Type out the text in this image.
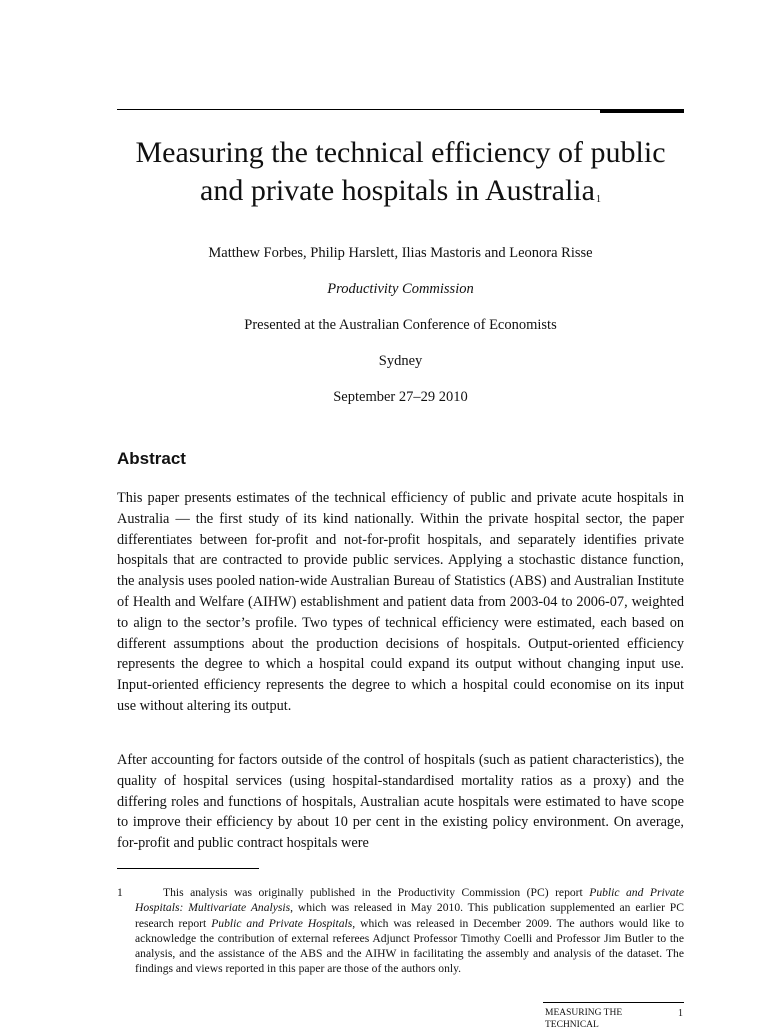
Measuring the technical efficiency of public and private hospitals in Australia$^1$

Matthew Forbes, Philip Harslett, Ilias Mastoris and Leonora Risse

Productivity Commission

Presented at the Australian Conference of Economists

Sydney

September 27–29 2010

Abstract

This paper presents estimates of the technical efficiency of public and private acute hospitals in Australia — the first study of its kind nationally. Within the private hospital sector, the paper differentiates between for-profit and not-for-profit hospitals, and separately identifies private hospitals that are contracted to provide public services. Applying a stochastic distance function, the analysis uses pooled nation-wide Australian Bureau of Statistics (ABS) and Australian Institute of Health and Welfare (AIHW) establishment and patient data from 2003-04 to 2006-07, weighted to align to the sector’s profile. Two types of technical efficiency were estimated, each based on different assumptions about the production decisions of hospitals. Output-oriented efficiency represents the degree to which a hospital could expand its output without changing input use. Input-oriented efficiency represents the degree to which a hospital could economise on its input use without altering its output.

After accounting for factors outside of the control of hospitals (such as patient characteristics), the quality of hospital services (using hospital-standardised mortality ratios as a proxy) and the differing roles and functions of hospitals, Australian acute hospitals were estimated to have scope to improve their efficiency by about 10 per cent in the existing policy environment. On average, for-profit and public contract hospitals were

1	This analysis was originally published in the Productivity Commission (PC) report Public and Private Hospitals: Multivariate Analysis, which was released in May 2010. This publication supplemented an earlier PC research report Public and Private Hospitals, which was released in December 2009. The authors would like to acknowledge the contribution of external referees Adjunct Professor Timothy Coelli and Professor Jim Butler to the analysis, and the assistance of the ABS and the AIHW in facilitating the assembly and analysis of the dataset. The findings and views reported in this paper are those of the authors only.

MEASURING THE TECHNICAL
1
